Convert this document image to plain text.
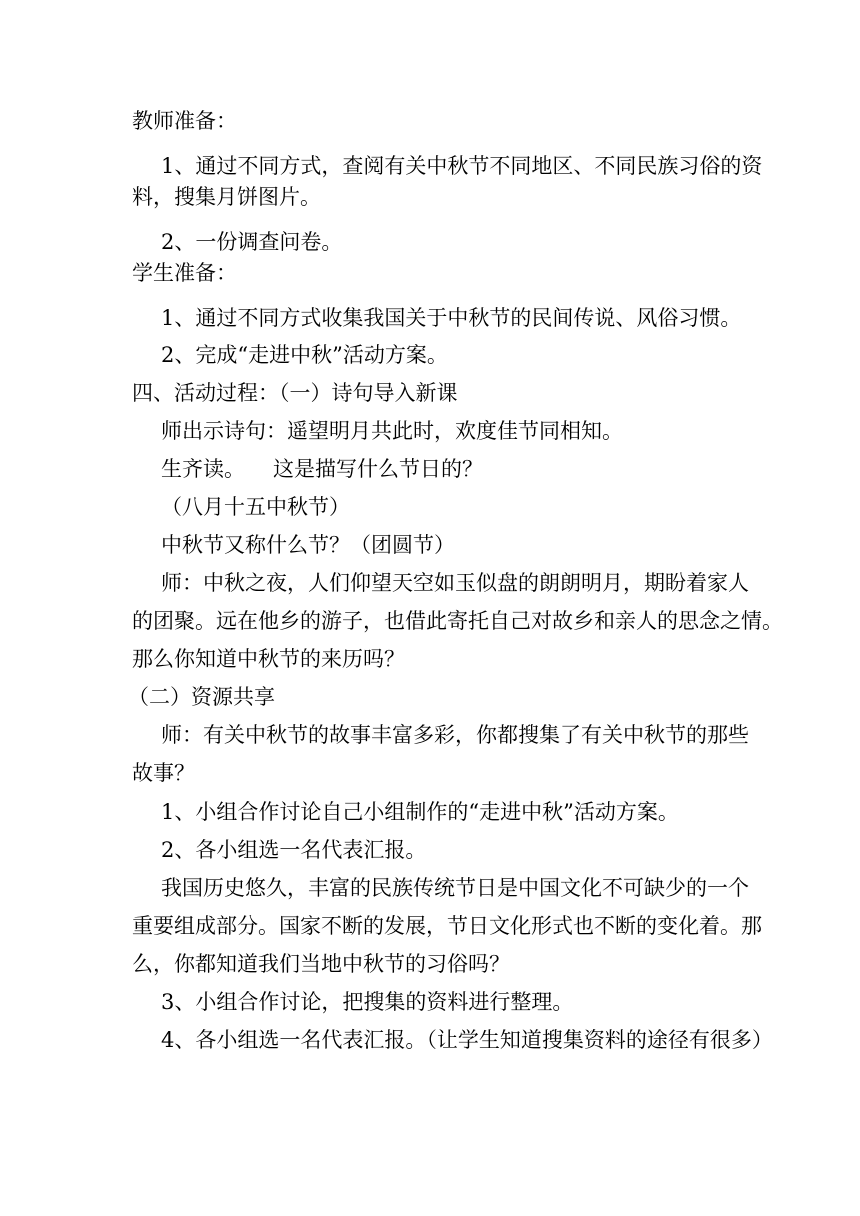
教师准备：
1、通过不同方式，查阅有关中秋节不同地区、不同民族习俗的资
料，搜集月饼图片。
2、一份调查问卷。
学生准备：
1、通过不同方式收集我国关于中秋节的民间传说、风俗习惯。
2、完成“走进中秋”活动方案。
四、活动过程：（一）诗句导入新课
师出示诗句：遥望明月共此时，欢度佳节同相知。
生齐读。 这是描写什么节日的？
（八月十五中秋节）
中秋节又称什么节？（团圆节）
师：中秋之夜，人们仰望天空如玉似盘的朗朗明月，期盼着家人
的团聚。远在他乡的游子，也借此寄托自己对故乡和亲人的思念之情。
那么你知道中秋节的来历吗？
（二）资源共享
师：有关中秋节的故事丰富多彩，你都搜集了有关中秋节的那些
故事？
1、小组合作讨论自己小组制作的“走进中秋”活动方案。
2、各小组选一名代表汇报。
我国历史悠久，丰富的民族传统节日是中国文化不可缺少的一个
重要组成部分。国家不断的发展，节日文化形式也不断的变化着。那
么，你都知道我们当地中秋节的习俗吗？
3、小组合作讨论，把搜集的资料进行整理。
4、各小组选一名代表汇报。（让学生知道搜集资料的途径有很多）
